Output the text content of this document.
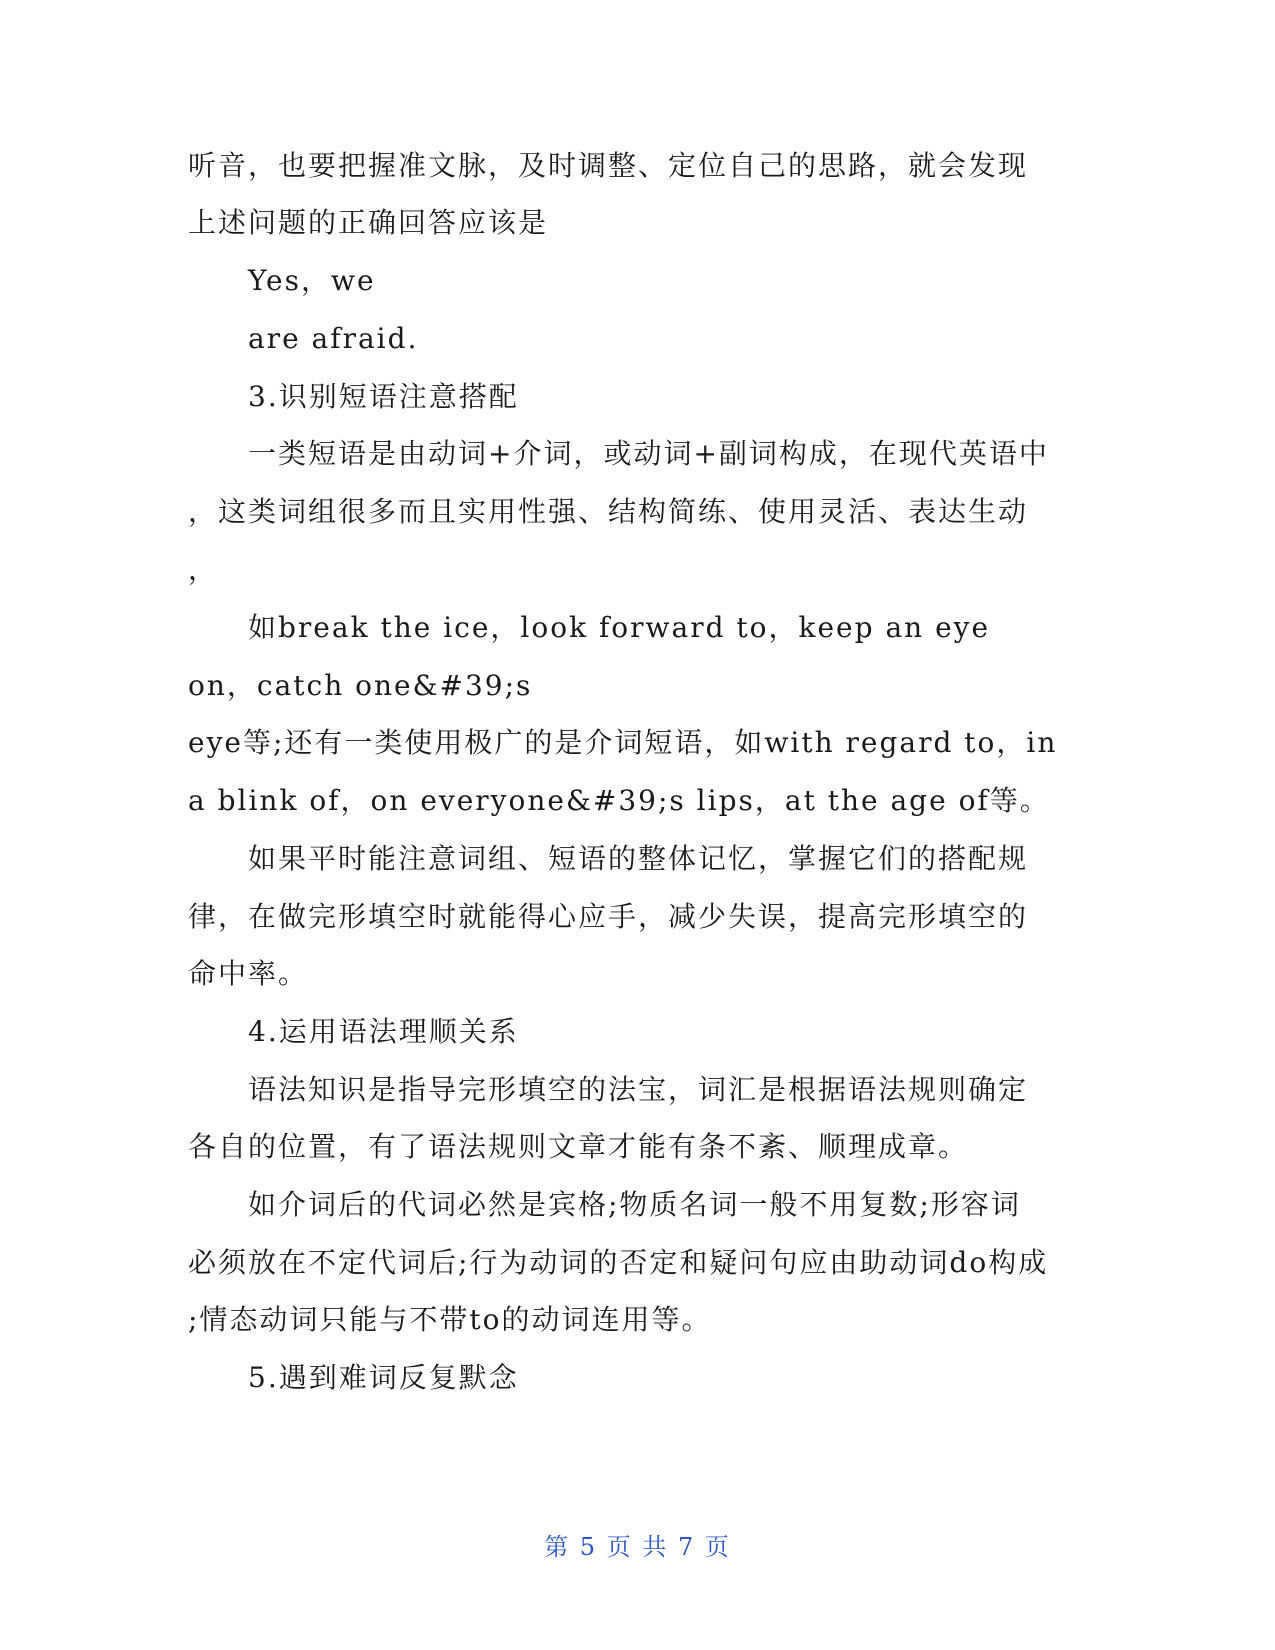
听音，也要把握准文脉，及时调整、定位自己的思路，就会发现
上述问题的正确回答应该是
Yes，we
are afraid.
3.识别短语注意搭配
一类短语是由动词+介词，或动词+副词构成，在现代英语中
，这类词组很多而且实用性强、结构简练、使用灵活、表达生动
，
如break the ice，look forward to，keep an eye
on，catch one&#39;s
eye等;还有一类使用极广的是介词短语，如with regard to，in
a blink of，on everyone&#39;s lips，at the age of等。
如果平时能注意词组、短语的整体记忆，掌握它们的搭配规
律，在做完形填空时就能得心应手，减少失误，提高完形填空的
命中率。
4.运用语法理顺关系
语法知识是指导完形填空的法宝，词汇是根据语法规则确定
各自的位置，有了语法规则文章才能有条不紊、顺理成章。
如介词后的代词必然是宾格;物质名词一般不用复数;形容词
必须放在不定代词后;行为动词的否定和疑问句应由助动词do构成
;情态动词只能与不带to的动词连用等。
5.遇到难词反复默念
第 5 页 共 7 页
